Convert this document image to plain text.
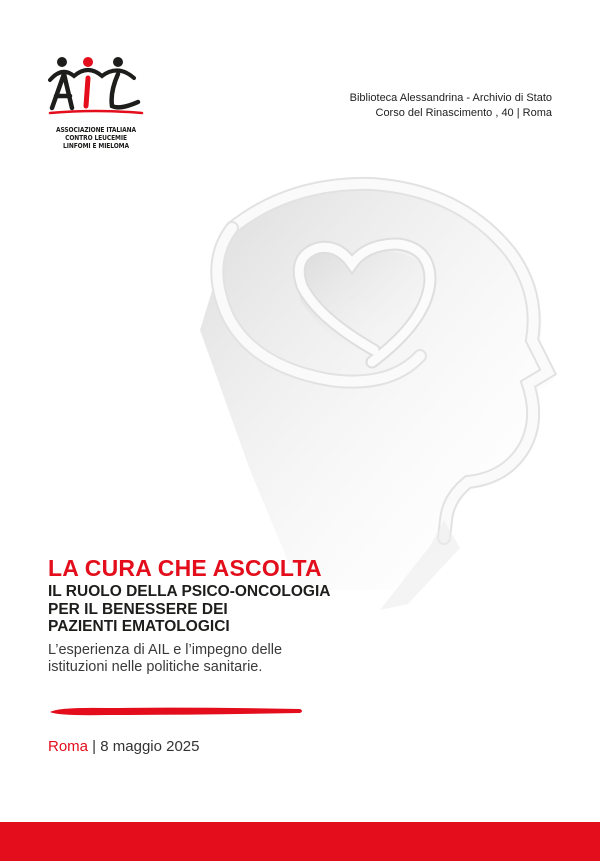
ASSOCIAZIONE ITALIANA
CONTRO LEUCEMIE
LINFOMI E MIELOMA
Biblioteca Alessandrina - Archivio di Stato
Corso del Rinascimento , 40 | Roma
LA CURA CHE ASCOLTA
IL RUOLO DELLA PSICO-ONCOLOGIA
PER IL BENESSERE DEI
PAZIENTI EMATOLOGICI
L’esperienza di AIL e l’impegno delle
istituzioni nelle politiche sanitarie.
Roma | 8 maggio 2025
